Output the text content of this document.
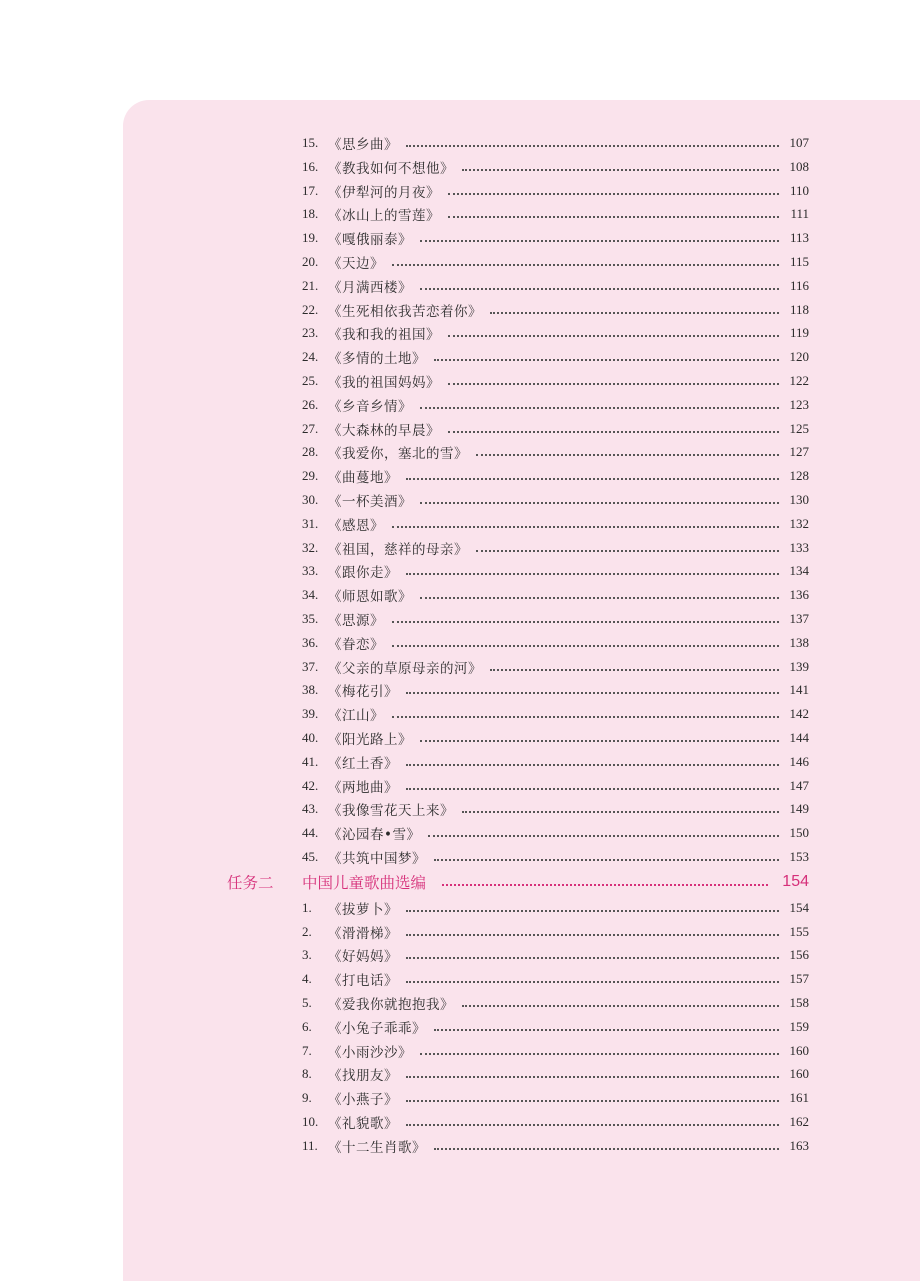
15. 《思乡曲》	107
16. 《教我如何不想他》	108
17. 《伊犁河的月夜》	110
18. 《冰山上的雪莲》	111
19. 《嘎俄丽泰》	113
20. 《天边》	115
21. 《月满西楼》	116
22. 《生死相依我苦恋着你》	118
23. 《我和我的祖国》	119
24. 《多情的土地》	120
25. 《我的祖国妈妈》	122
26. 《乡音乡情》	123
27. 《大森林的早晨》	125
28. 《我爱你，塞北的雪》	127
29. 《曲蔓地》	128
30. 《一杯美酒》	130
31. 《感恩》	132
32. 《祖国，慈祥的母亲》	133
33. 《跟你走》	134
34. 《师恩如歌》	136
35. 《思源》	137
36. 《眷恋》	138
37. 《父亲的草原母亲的河》	139
38. 《梅花引》	141
39. 《江山》	142
40. 《阳光路上》	144
41. 《红土香》	146
42. 《两地曲》	147
43. 《我像雪花天上来》	149
44. 《沁园春•雪》	150
45. 《共筑中国梦》	153
任务二	中国儿童歌曲选编	154
1.	《拔萝卜》	154
2.	《滑滑梯》	155
3.	《好妈妈》	156
4.	《打电话》	157
5.	《爱我你就抱抱我》	158
6.	《小兔子乖乖》	159
7.	《小雨沙沙》	160
8.	《找朋友》	160
9.	《小燕子》	161
10. 《礼貌歌》	162
11. 《十二生肖歌》	163
